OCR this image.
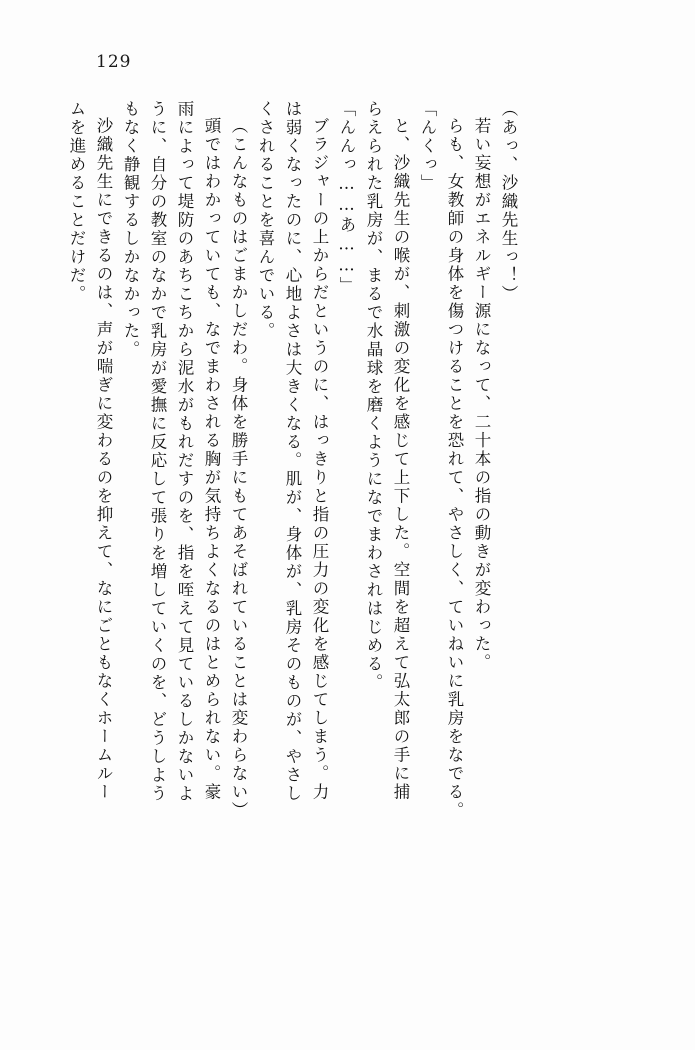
129
ムを進めることだけだ。 沙織先生にできるのは、声が喘ぎに変わるのを抑えて、なにごともなくホームルー もなく静観するしかなかった。 うに、自分の教室のなかで乳房が愛撫に反応して張りを増していくのを、どうしよう 雨によって堤防のあちこちから泥水がもれだすのを、指を咥えて見ているしかないよ 頭ではわかっていても、なでまわされる胸が気持ちよくなるのはとめられない。豪 （こんなものはごまかしだわ。身体を勝手にもてあそばれていることは変わらない） くされることを喜んでいる。 は弱くなったのに、心地よさは大きくなる。肌が、身体が、乳房そのものが、やさし ブラジャーの上からだというのに、はっきりと指の圧力の変化を感じてしまう。力 「んんっ……あ……」 らえられた乳房が、まるで水晶球を磨くようになでまわされはじめる。 と、沙織先生の喉が、刺激の変化を感じて上下した。空間を超えて弘太郎の手に捕 「んくっ」 らも、女教師の身体を傷つけることを恐れて、やさしく、ていねいに乳房をなでる。 若い妄想がエネルギー源になって、二十本の指の動きが変わった。 （あっ、沙織先生っ！）
